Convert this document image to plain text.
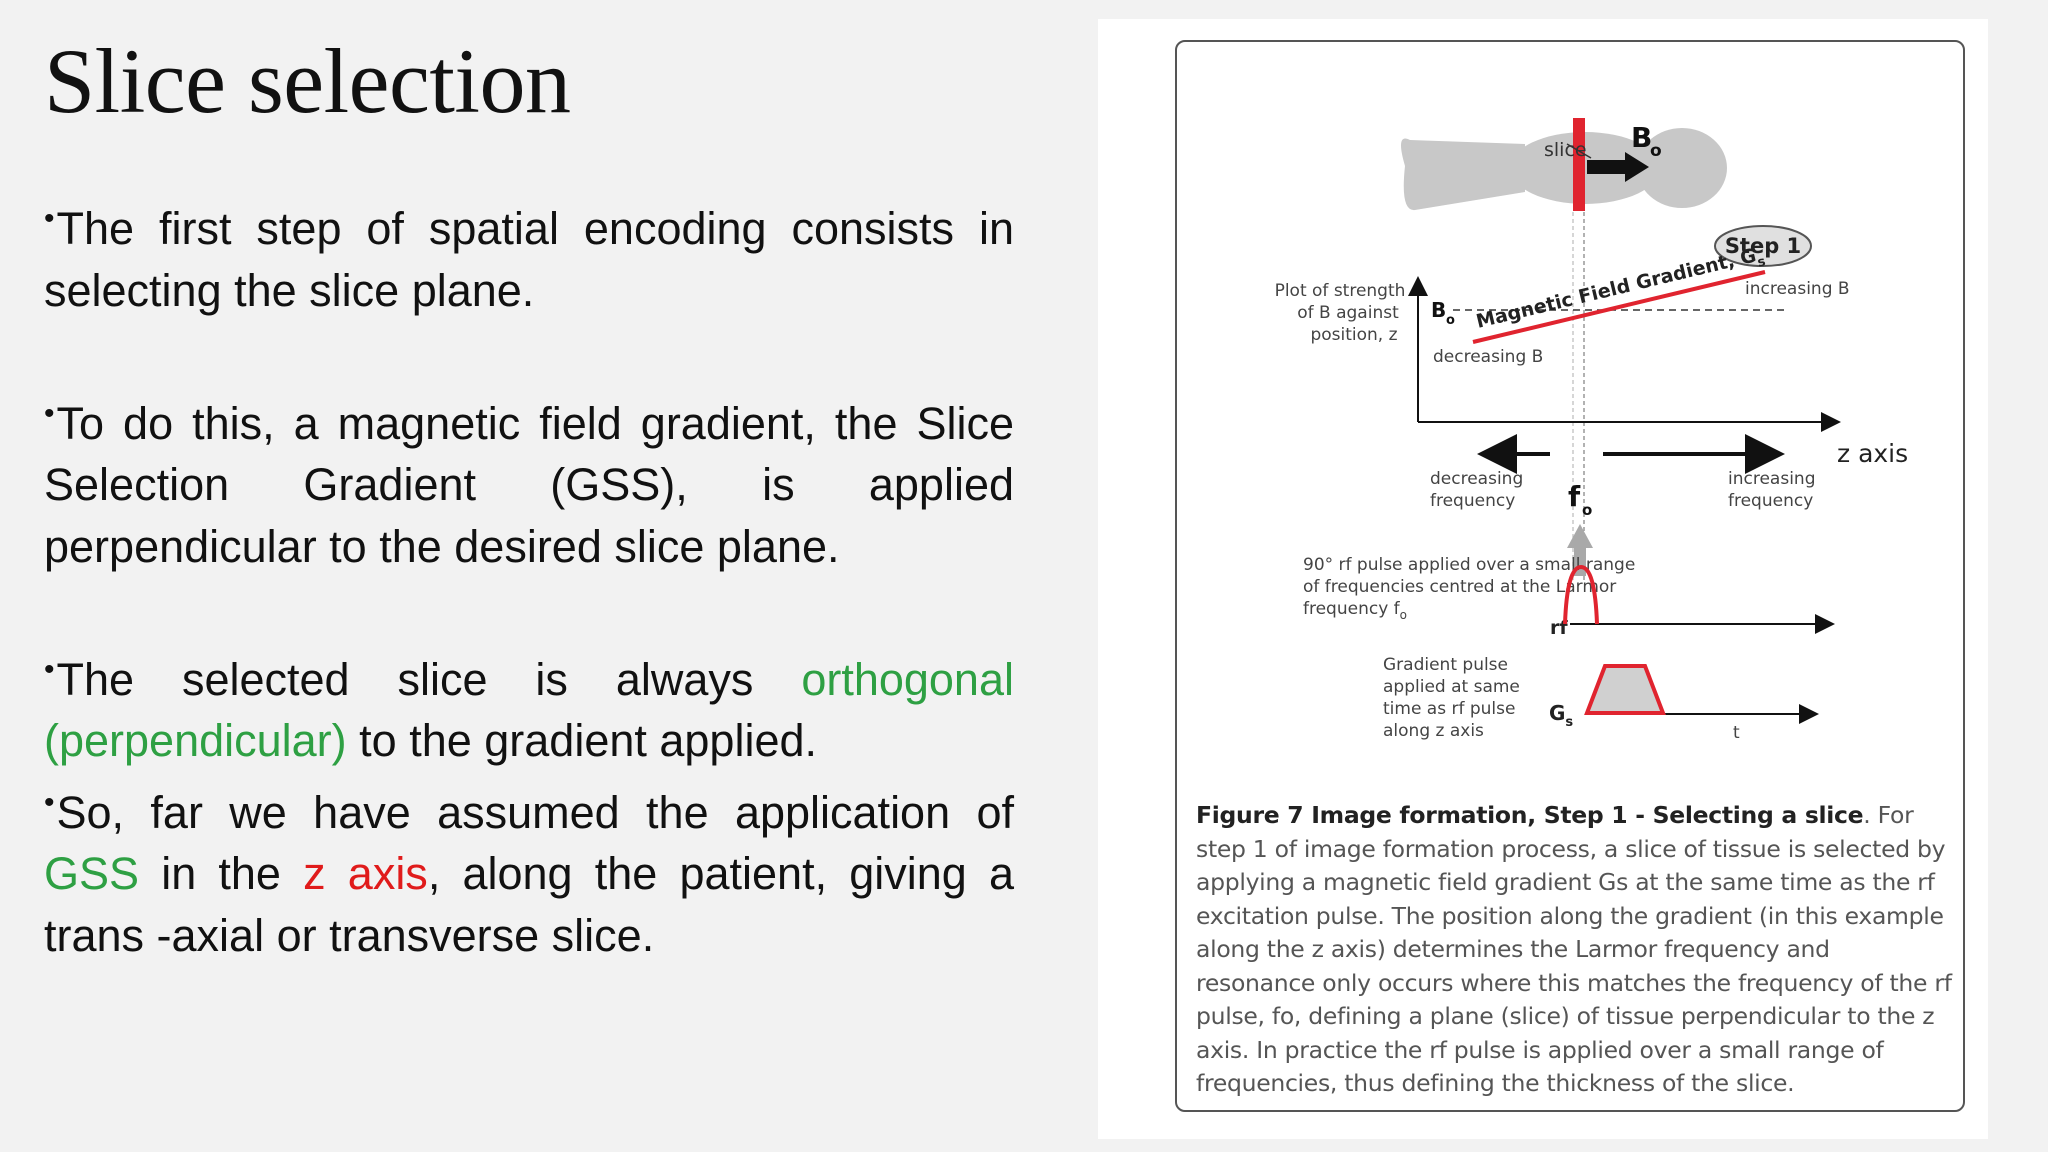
Slice selection

•The first step of spatial encoding consists in selecting the slice plane.

•To do this, a magnetic field gradient, the Slice Selection Gradient (GSS), is applied perpendicular to the desired slice plane.

•The selected slice is always orthogonal (perpendicular) to the gradient applied.

•So, far we have assumed the application of GSS in the z axis, along the patient, giving a trans -axial or transverse slice.

slice B
o
Step 1
Plot of strength
of B against
position, z
B o Magnetic Field Gradient, $G_s$
increasing B
decreasing B
z axis
decreasing
frequency
increasing
frequency
f o
90° rf pulse applied over a small range
of frequencies centred at the Larmor
frequency $f_o$
rf
Gradient pulse
applied at same
time as rf pulse
along z axis
$G_s$
t
Figure 7 Image formation, Step 1 - Selecting a slice. For step 1 of image formation process, a slice of tissue is selected by applying a magnetic field gradient Gs at the same time as the rf excitation pulse. The position along the gradient (in this example along the z axis) determines the Larmor frequency and resonance only occurs where this matches the frequency of the rf pulse, fo, defining a plane (slice) of tissue perpendicular to the z axis. In practice the rf pulse is applied over a small range of frequencies, thus defining the thickness of the slice.
